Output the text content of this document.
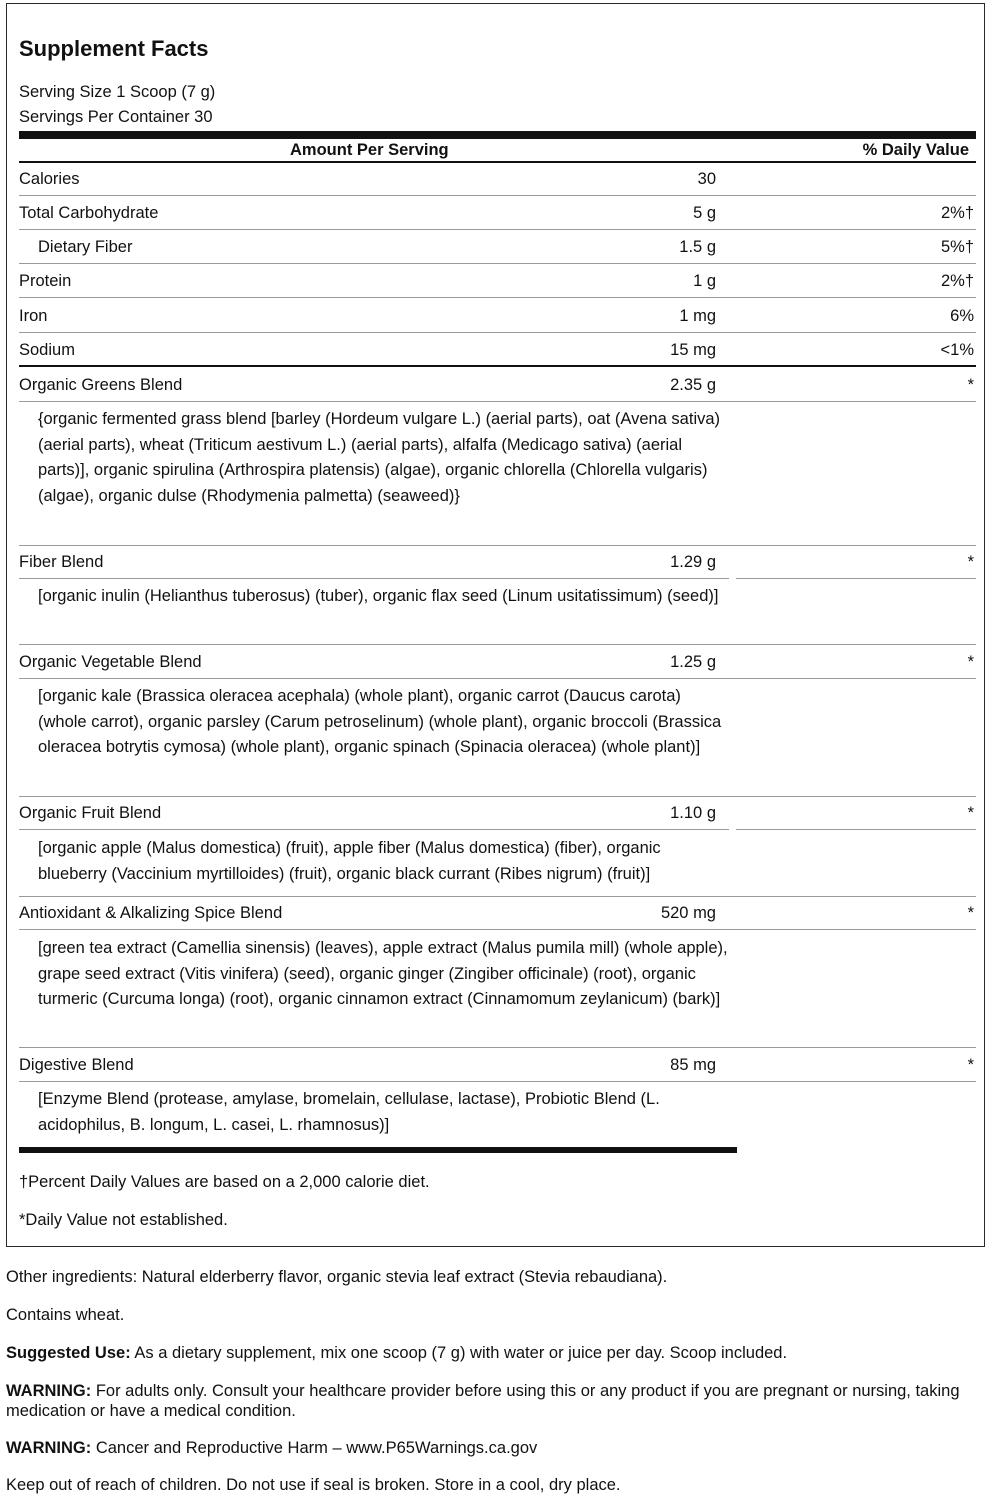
Supplement Facts
Serving Size 1 Scoop (7 g)
Servings Per Container 30
Amount Per Serving	% Daily Value
Calories	30
Total Carbohydrate	5 g	2%†
Dietary Fiber	1.5 g	5%†
Protein	1 g	2%†
Iron	1 mg	6%
Sodium	15 mg	<1%
Organic Greens Blend	2.35 g	*
{organic fermented grass blend [barley (Hordeum vulgare L.) (aerial parts), oat (Avena sativa) (aerial parts), wheat (Triticum aestivum L.) (aerial parts), alfalfa (Medicago sativa) (aerial parts)], organic spirulina (Arthrospira platensis) (algae), organic chlorella (Chlorella vulgaris) (algae), organic dulse (Rhodymenia palmetta) (seaweed)}
Fiber Blend	1.29 g	*
[organic inulin (Helianthus tuberosus) (tuber), organic flax seed (Linum usitatissimum) (seed)]
Organic Vegetable Blend	1.25 g	*
[organic kale (Brassica oleracea acephala) (whole plant), organic carrot (Daucus carota) (whole carrot), organic parsley (Carum petroselinum) (whole plant), organic broccoli (Brassica oleracea botrytis cymosa) (whole plant), organic spinach (Spinacia oleracea) (whole plant)]
Organic Fruit Blend	1.10 g	*
[organic apple (Malus domestica) (fruit), apple fiber (Malus domestica) (fiber), organic blueberry (Vaccinium myrtilloides) (fruit), organic black currant (Ribes nigrum) (fruit)]
Antioxidant & Alkalizing Spice Blend	520 mg	*
[green tea extract (Camellia sinensis) (leaves), apple extract (Malus pumila mill) (whole apple), grape seed extract (Vitis vinifera) (seed), organic ginger (Zingiber officinale) (root), organic turmeric (Curcuma longa) (root), organic cinnamon extract (Cinnamomum zeylanicum) (bark)]
Digestive Blend	85 mg	*
[Enzyme Blend (protease, amylase, bromelain, cellulase, lactase), Probiotic Blend (L. acidophilus, B. longum, L. casei, L. rhamnosus)]
†Percent Daily Values are based on a 2,000 calorie diet.
*Daily Value not established.
Other ingredients: Natural elderberry flavor, organic stevia leaf extract (Stevia rebaudiana).
Contains wheat.
Suggested Use: As a dietary supplement, mix one scoop (7 g) with water or juice per day. Scoop included.
WARNING: For adults only. Consult your healthcare provider before using this or any product if you are pregnant or nursing, taking medication or have a medical condition.
WARNING: Cancer and Reproductive Harm – www.P65Warnings.ca.gov
Keep out of reach of children. Do not use if seal is broken. Store in a cool, dry place.
